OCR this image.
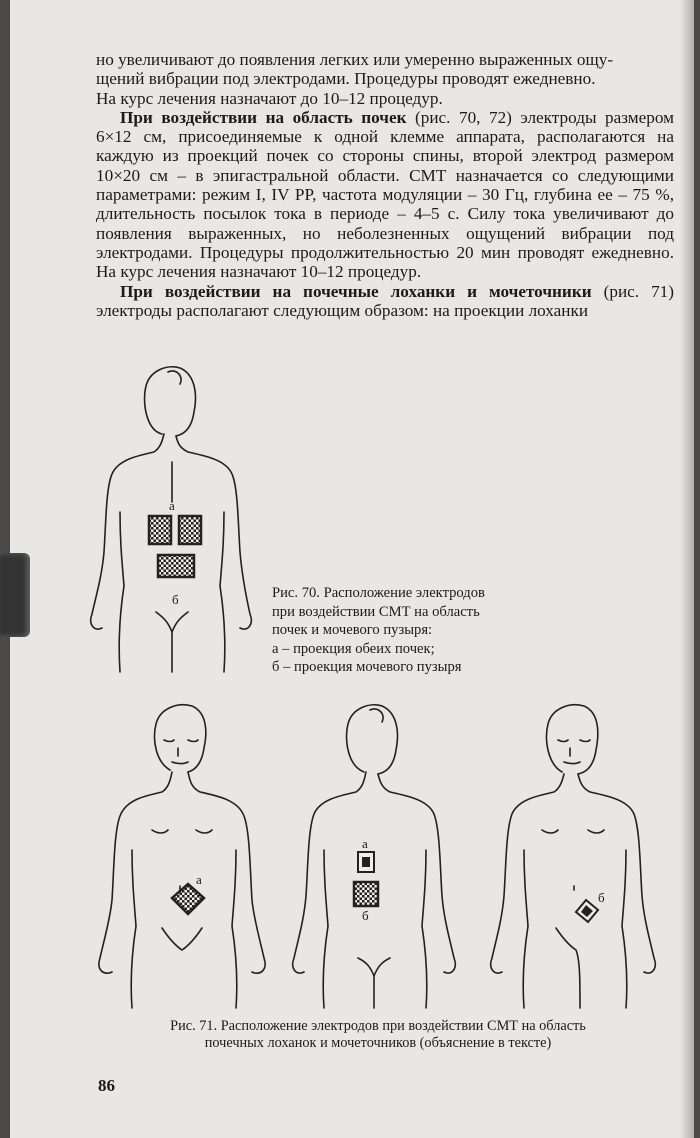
но увеличивают до появления легких или умеренно выраженных ощу-
щений вибрации под электродами. Процедуры проводят ежедневно.
На курс лечения назначают до 10–12 процедур.

При воздействии на область почек (рис. 70, 72) электроды размером 6×12 см, присоединяемые к одной клемме аппарата, располагаются на каждую из проекций почек со стороны спины, второй электрод размером 10×20 см – в эпигастральной области. СМТ назначается со следующими параметрами: режим I, IV PP, частота модуляции – 30 Гц, глубина ее – 75 %, длительность посылок тока в периоде – 4–5 с. Силу тока увеличивают до появления выраженных, но неболезненных ощущений вибрации под электродами. Процедуры продолжительностью 20 мин проводят ежедневно. На курс лечения назначают 10–12 процедур.

При воздействии на почечные лоханки и мочеточники (рис. 71) электроды располагают следующим образом: на проекции лоханки

а
б	Рис. 70. Расположение электродов
при воздействии СМТ на область
почек и мочевого пузыря:
а – проекция обеих почек;
б – проекция мочевого пузыря
а
а
б
б
Рис. 71. Расположение электродов при воздействии СМТ на область
почечных лоханок и мочеточников (объяснение в тексте)
86
